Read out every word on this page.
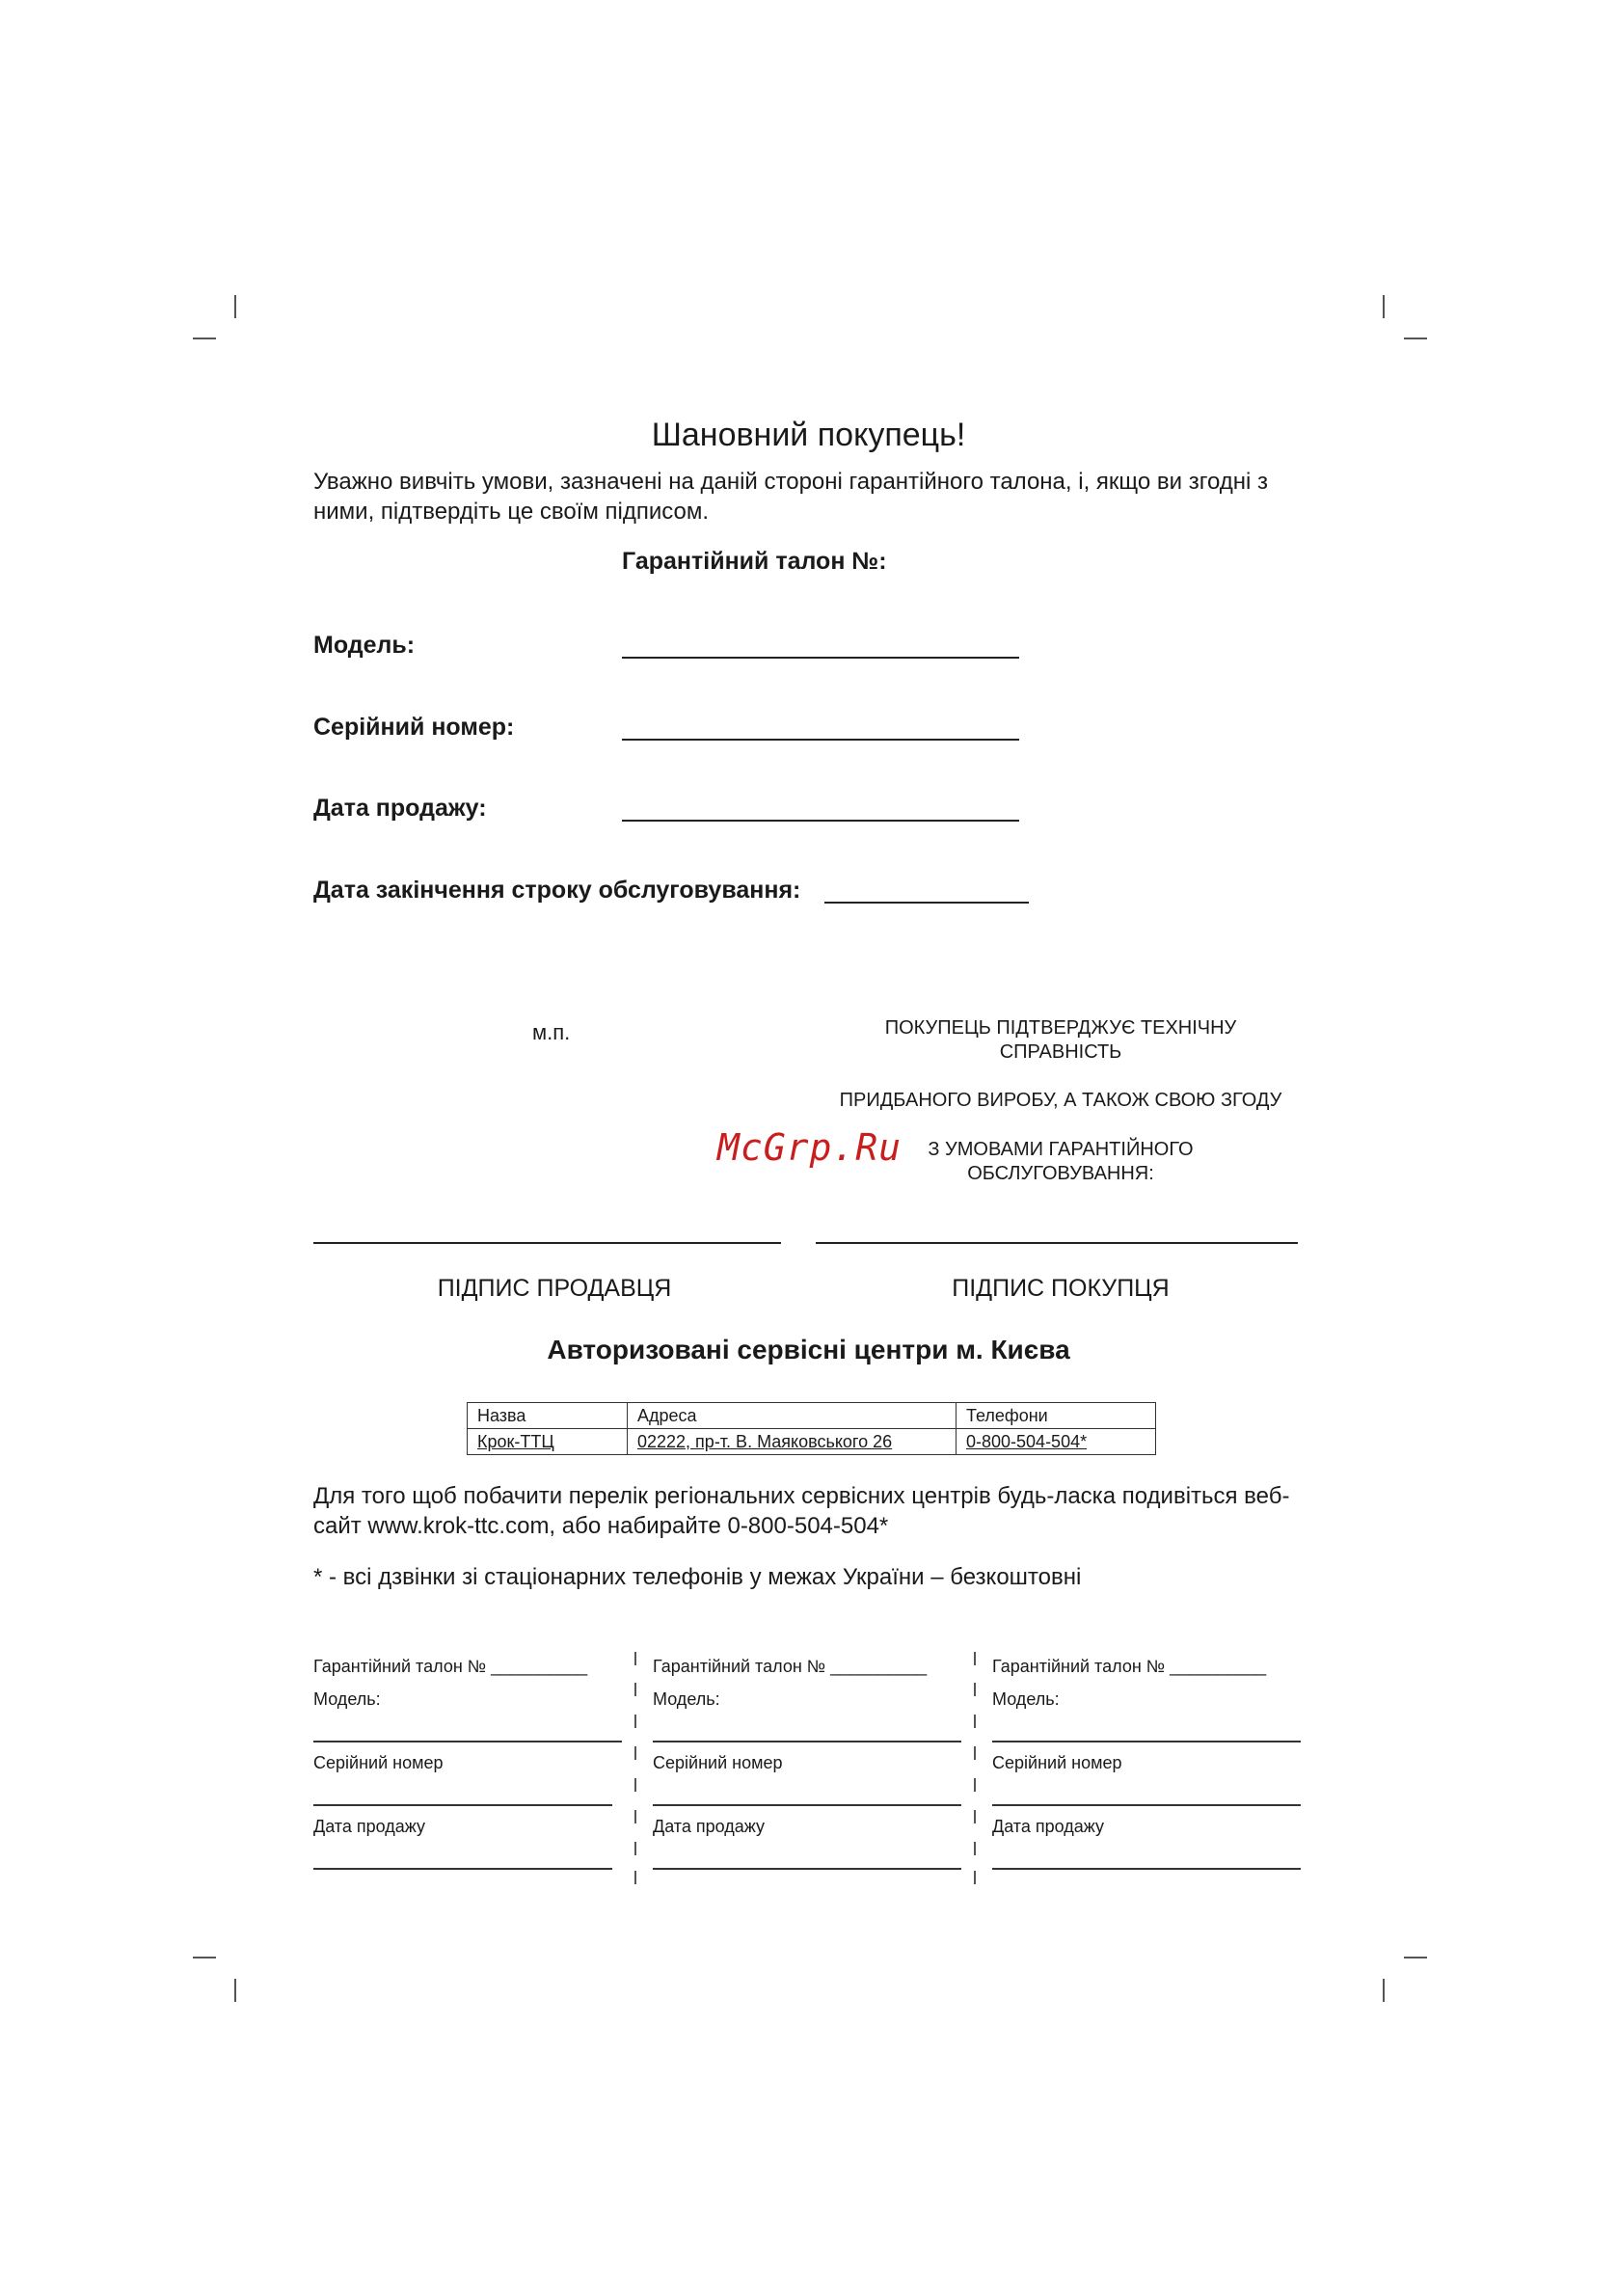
Шановний покупець!
Уважно вивчіть умови, зазначені на даній стороні гарантійного талона, і, якщо ви згодні з ними, підтвердіть це своїм підписом.
Гарантійний талон №:
Модель:
Серійний номер:
Дата продажу:
Дата закінчення строку обслуговування:
м.п.	ПОКУПЕЦЬ ПІДТВЕРДЖУЄ ТЕХНІЧНУ
СПРАВНІСТЬ
ПРИДБАНОГО ВИРОБУ, А ТАКОЖ СВОЮ ЗГОДУ
З УМОВАМИ ГАРАНТІЙНОГО
ОБСЛУГОВУВАННЯ:
McGrp.Ru
ПІДПИС ПРОДАВЦЯ	ПІДПИС ПОКУПЦЯ
Авторизовані сервісні центри м. Києва
Назва	Адреса	Телефони
Крок-ТТЦ	02222, пр-т. В. Маяковського 26	0-800-504-504*
Для того щоб побачити перелік регіональних сервісних центрів будь-ласка подивіться веб-сайт www.krok-ttc.com, або набирайте 0-800-504-504*
* - всі дзвінки зі стаціонарних телефонів у межах України – безкоштовні
Гарантійний талон № __________
Модель:
Серійний номер
Дата продажу
Гарантійний талон № __________
Модель:
Серійний номер
Дата продажу
Гарантійний талон № __________
Модель:
Серійний номер
Дата продажу
